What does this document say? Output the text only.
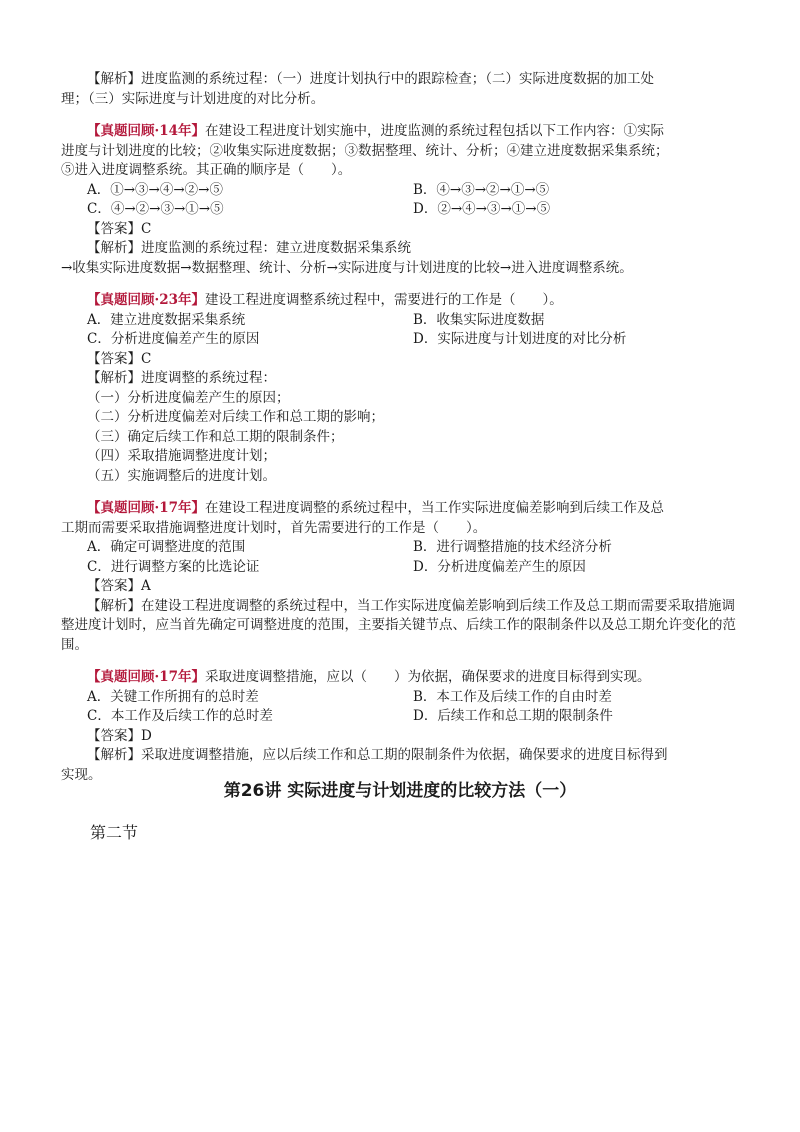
【解析】进度监测的系统过程：（一）进度计划执行中的跟踪检查；（二）实际进度数据的加工处
理；（三）实际进度与计划进度的对比分析。
【真题回顾·14年】在建设工程进度计划实施中，进度监测的系统过程包括以下工作内容：①实际
进度与计划进度的比较；②收集实际进度数据；③数据整理、统计、分析；④建立进度数据采集系统；
⑤进入进度调整系统。其正确的顺序是（　　）。
A．①→③→④→②→⑤	B．④→③→②→①→⑤
C．④→②→③→①→⑤	D．②→④→③→①→⑤
【答案】C
【解析】进度监测的系统过程：建立进度数据采集系统
→收集实际进度数据→数据整理、统计、分析→实际进度与计划进度的比较→进入进度调整系统。
【真题回顾·23年】建设工程进度调整系统过程中，需要进行的工作是（　　）。
A．建立进度数据采集系统	B．收集实际进度数据
C．分析进度偏差产生的原因	D．实际进度与计划进度的对比分析
【答案】C
【解析】进度调整的系统过程：
（一）分析进度偏差产生的原因；
（二）分析进度偏差对后续工作和总工期的影响；
（三）确定后续工作和总工期的限制条件；
（四）采取措施调整进度计划；
（五）实施调整后的进度计划。
【真题回顾·17年】在建设工程进度调整的系统过程中，当工作实际进度偏差影响到后续工作及总
工期而需要采取措施调整进度计划时，首先需要进行的工作是（　　）。
A．确定可调整进度的范围	B．进行调整措施的技术经济分析
C．进行调整方案的比选论证	D．分析进度偏差产生的原因
【答案】A
【解析】在建设工程进度调整的系统过程中，当工作实际进度偏差影响到后续工作及总工期而需要采取措施调整进度计划时，应当首先确定可调整进度的范围，主要指关键节点、后续工作的限制条件以及总工期允许变化的范围。
【真题回顾·17年】采取进度调整措施，应以（　　）为依据，确保要求的进度目标得到实现。
A．关键工作所拥有的总时差	B．本工作及后续工作的自由时差
C．本工作及后续工作的总时差	D．后续工作和总工期的限制条件
【答案】D
【解析】采取进度调整措施，应以后续工作和总工期的限制条件为依据，确保要求的进度目标得到
实现。
第26讲 实际进度与计划进度的比较方法（一）
第二节
